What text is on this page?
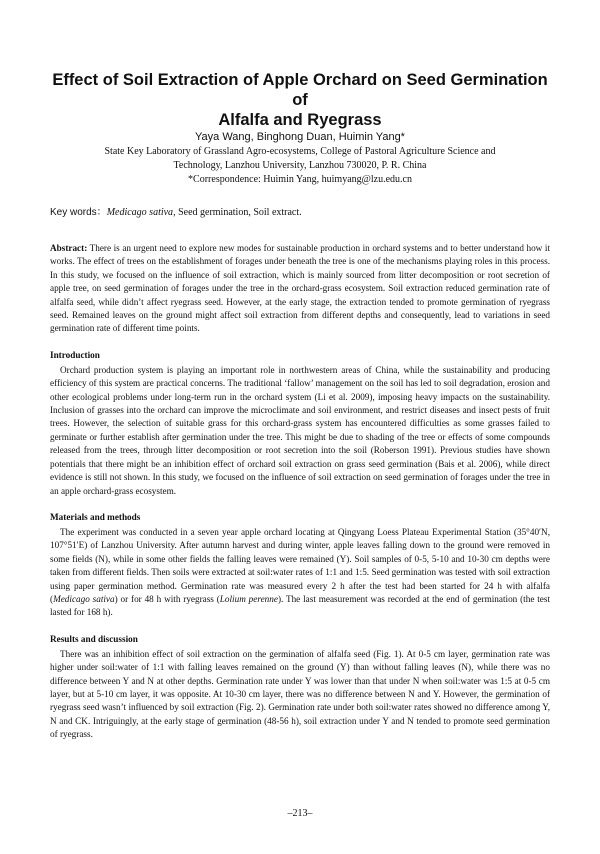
Effect of Soil Extraction of Apple Orchard on Seed Germination of
Alfalfa and Ryegrass

Yaya Wang, Binghong Duan, Huimin Yang*

State Key Laboratory of Grassland Agro-ecosystems, College of Pastoral Agriculture Science and
Technology, Lanzhou University, Lanzhou 730020, P. R. China
*Correspondence: Huimin Yang, huimyang@lzu.edu.cn

Key words：Medicago sativa, Seed germination, Soil extract.

Abstract: There is an urgent need to explore new modes for sustainable production in orchard systems and to better understand how it works. The effect of trees on the establishment of forages under beneath the tree is one of the mechanisms playing roles in this process. In this study, we focused on the influence of soil extraction, which is mainly sourced from litter decomposition or root secretion of apple tree, on seed germination of forages under the tree in the orchard-grass ecosystem. Soil extraction reduced germination rate of alfalfa seed, while didn’t affect ryegrass seed. However, at the early stage, the extraction tended to promote germination of ryegrass seed. Remained leaves on the ground might affect soil extraction from different depths and consequently, lead to variations in seed germination rate of different time points.

Introduction

Orchard production system is playing an important role in northwestern areas of China, while the sustainability and producing efficiency of this system are practical concerns. The traditional ‘fallow’ management on the soil has led to soil degradation, erosion and other ecological problems under long-term run in the orchard system (Li et al. 2009), imposing heavy impacts on the sustainability. Inclusion of grasses into the orchard can improve the microclimate and soil environment, and restrict diseases and insect pests of fruit trees. However, the selection of suitable grass for this orchard-grass system has encountered difficulties as some grasses failed to germinate or further establish after germination under the tree. This might be due to shading of the tree or effects of some compounds released from the trees, through litter decomposition or root secretion into the soil (Roberson 1991). Previous studies have shown potentials that there might be an inhibition effect of orchard soil extraction on grass seed germination (Bais et al. 2006), while direct evidence is still not shown. In this study, we focused on the influence of soil extraction on seed germination of forages under the tree in an apple orchard-grass ecosystem.

Materials and methods

The experiment was conducted in a seven year apple orchard locating at Qingyang Loess Plateau Experimental Station (35°40′N, 107°51′E) of Lanzhou University. After autumn harvest and during winter, apple leaves falling down to the ground were removed in some fields (N), while in some other fields the falling leaves were remained (Y). Soil samples of 0-5, 5-10 and 10-30 cm depths were taken from different fields. Then soils were extracted at soil:water rates of 1:1 and 1:5. Seed germination was tested with soil extraction using paper germination method. Germination rate was measured every 2 h after the test had been started for 24 h with alfalfa (Medicago sativa) or for 48 h with ryegrass (Lolium perenne). The last measurement was recorded at the end of germination (the test lasted for 168 h).

Results and discussion

There was an inhibition effect of soil extraction on the germination of alfalfa seed (Fig. 1). At 0-5 cm layer, germination rate was higher under soil:water of 1:1 with falling leaves remained on the ground (Y) than without falling leaves (N), while there was no difference between Y and N at other depths. Germination rate under Y was lower than that under N when soil:water was 1:5 at 0-5 cm layer, but at 5-10 cm layer, it was opposite. At 10-30 cm layer, there was no difference between N and Y. However, the germination of ryegrass seed wasn’t influenced by soil extraction (Fig. 2). Germination rate under both soil:water rates showed no difference among Y, N and CK. Intriguingly, at the early stage of germination (48-56 h), soil extraction under Y and N tended to promote seed germination of ryegrass.

–213–
